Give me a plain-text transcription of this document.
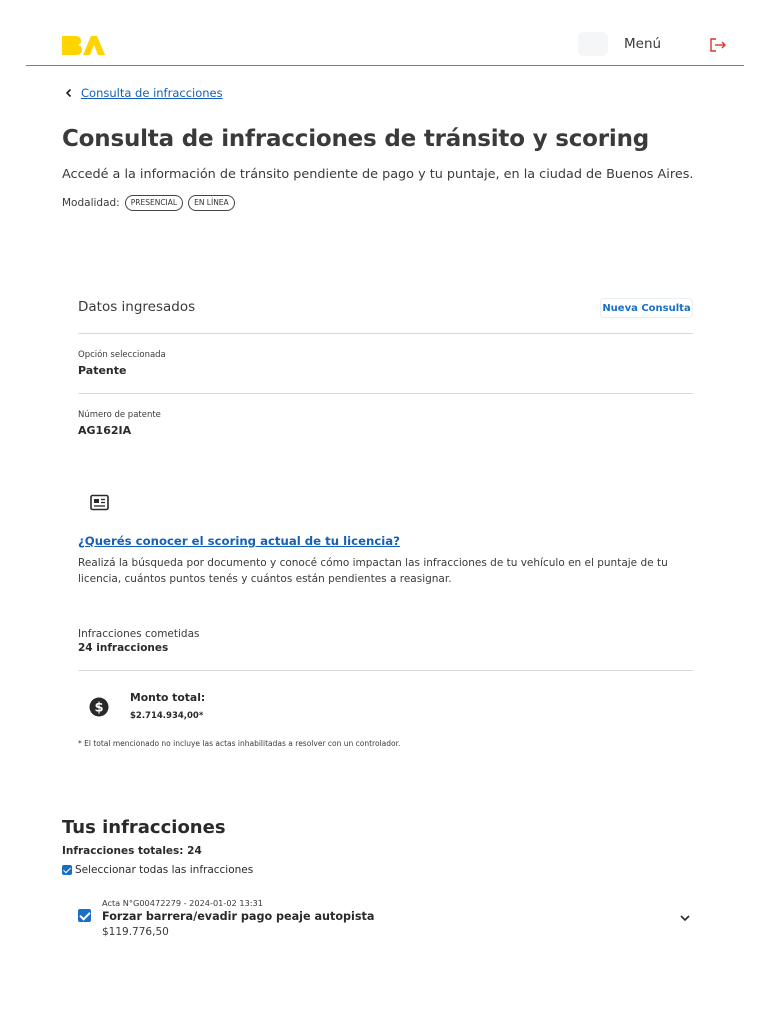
Menú
Consulta de infracciones
Consulta de infracciones de tránsito y scoring

Accedé a la información de tránsito pendiente de pago y tu puntaje, en la ciudad de Buenos Aires.

Modalidad:	PRESENCIAL	EN LÍNEA
Datos ingresados	Nueva Consulta
Opción seleccionada
Patente
Número de patente
AG162IA
¿Querés conocer el scoring actual de tu licencia?

Realizá la búsqueda por documento y conocé cómo impactan las infracciones de tu vehículo en el puntaje de tu licencia, cuántos puntos tenés y cuántos están pendientes a reasignar.

Infracciones cometidas
24 infracciones
$
Monto total:
$2.714.934,00*
* El total mencionado no incluye las actas inhabilitadas a resolver con un controlador.
Tus infracciones
Infracciones totales: 24
Seleccionar todas las infracciones
Acta N°G00472279 - 2024-01-02 13:31
Forzar barrera/evadir pago peaje autopista
$119.776,50
